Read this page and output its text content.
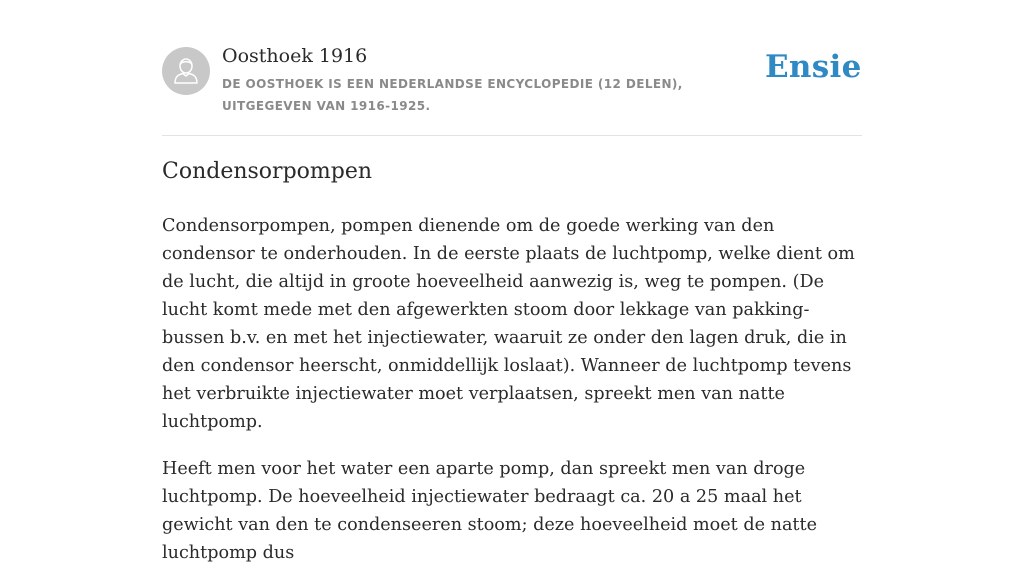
Oosthoek 1916
DE OOSTHOEK IS EEN NEDERLANDSE ENCYCLOPEDIE (12 DELEN), UITGEGEVEN VAN 1916-1925.
Ensie
Condensorpompen

Condensorpompen, pompen dienende om de goede werking van den condensor te onderhouden. In de eerste plaats de luchtpomp, welke dient om de lucht, die altijd in groote hoeveelheid aanwezig is, weg te pompen. (De lucht komt mede met den afgewerkten stoom door lekkage van pakking-bussen b.v. en met het injectiewater, waaruit ze onder den lagen druk, die in den condensor heerscht, onmiddellijk loslaat). Wanneer de luchtpomp tevens het verbruikte injectiewater moet verplaatsen, spreekt men van natte luchtpomp.

Heeft men voor het water een aparte pomp, dan spreekt men van droge luchtpomp. De hoeveelheid injectiewater bedraagt ca. 20 a 25 maal het gewicht van den te condenseeren stoom; deze hoeveelheid moet de natte luchtpomp dus
